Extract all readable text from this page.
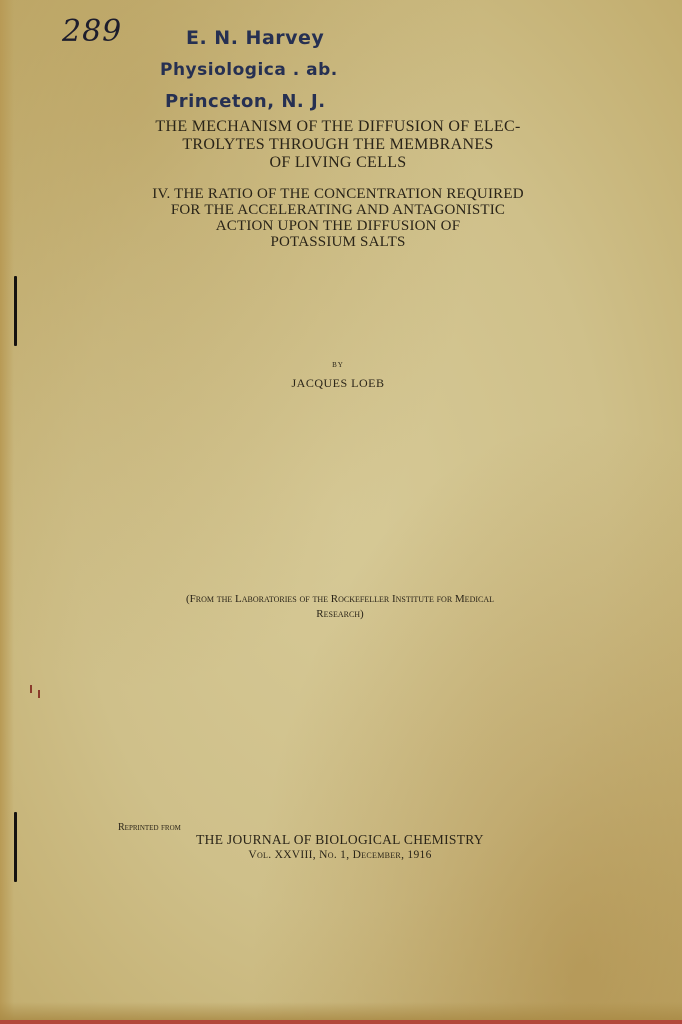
289	E. N. Harvey
Physiologica . ab.
Princeton, N. J.
THE MECHANISM OF THE DIFFUSION OF ELEC-
TROLYTES THROUGH THE MEMBRANES
OF LIVING CELLS
IV. THE RATIO OF THE CONCENTRATION REQUIRED
FOR THE ACCELERATING AND ANTAGONISTIC
ACTION UPON THE DIFFUSION OF
POTASSIUM SALTS
BY
JACQUES LOEB
(From the Laboratories of the Rockefeller Institute for Medical
Research)
Reprinted from
THE JOURNAL OF BIOLOGICAL CHEMISTRY
Vol. XXVIII, No. 1, December, 1916
